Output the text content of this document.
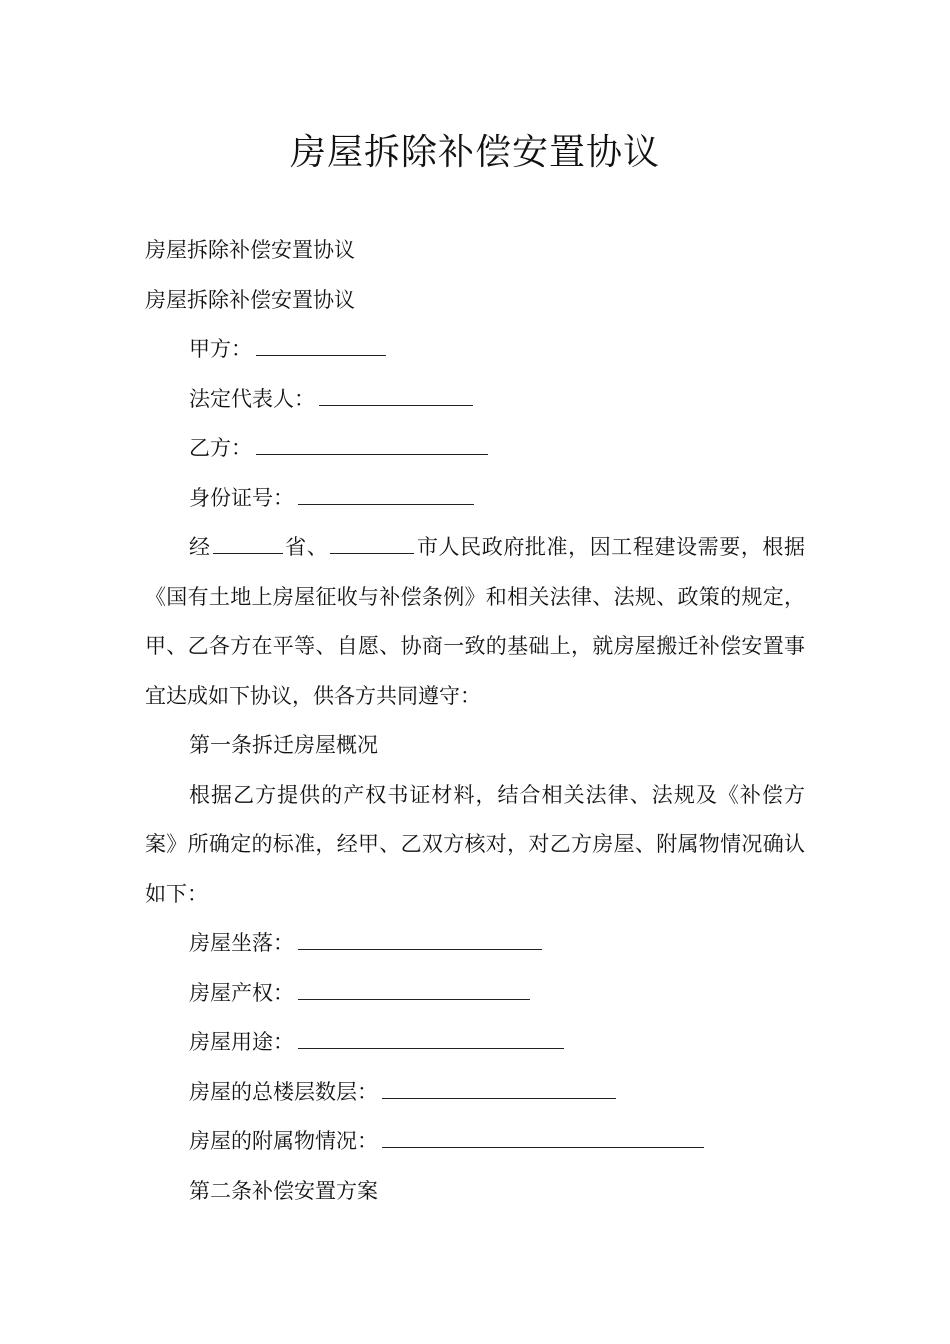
房屋拆除补偿安置协议

房屋拆除补偿安置协议

房屋拆除补偿安置协议

甲方：

法定代表人：

乙方：

身份证号：

经	省、	市人民政府批准，因工程建设需要，根据《国有土地上房屋征收与补偿条例》和相关法律、法规、政策的规定，甲、乙各方在平等、自愿、协商一致的基础上，就房屋搬迁补偿安置事宜达成如下协议，供各方共同遵守：

第一条拆迁房屋概况

根据乙方提供的产权书证材料，结合相关法律、法规及《补偿方案》所确定的标准，经甲、乙双方核对，对乙方房屋、附属物情况确认如下：

房屋坐落：

房屋产权：

房屋用途：

房屋的总楼层数层：

房屋的附属物情况：

第二条补偿安置方案
